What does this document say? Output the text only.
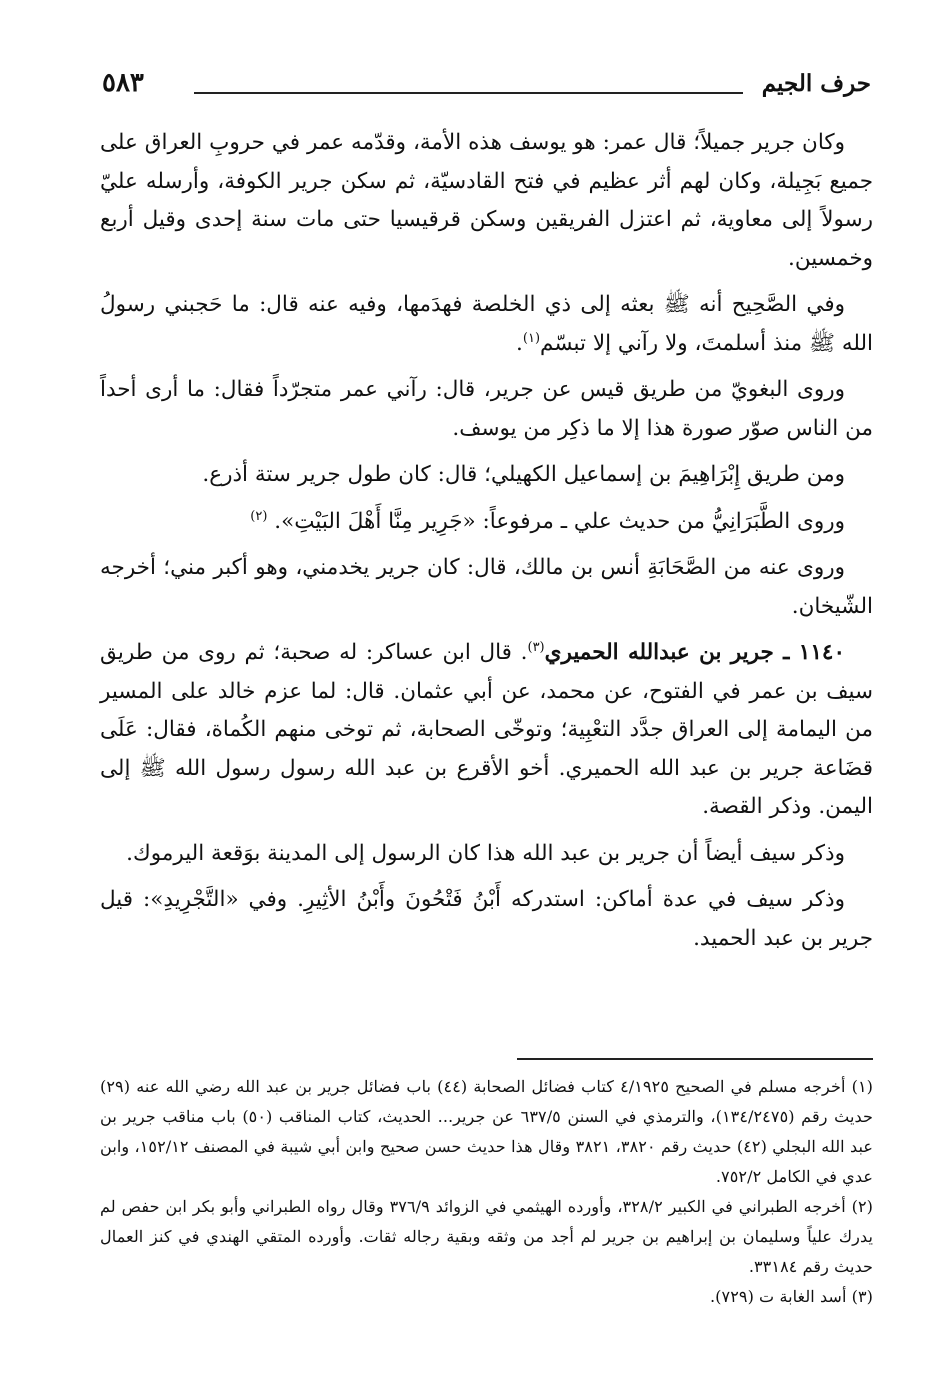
حرف الجيم
٥٨٣

وكان جرير جميلاً؛ قال عمر: هو يوسف هذه الأمة، وقدّمه عمر في حروبِ العراق على جميع بَجِيلة، وكان لهم أثر عظيم في فتح القادسيّة، ثم سكن جرير الكوفة، وأرسله عليّ رسولاً إلى معاوية، ثم اعتزل الفريقين وسكن قرقيسيا حتى مات سنة إحدى وقيل أربع وخمسين.

وفي الصَّحِيح أنه ﷺ بعثه إلى ذي الخلصة فهدَمها، وفيه عنه قال: ما حَجبني رسولُ الله ﷺ منذ أسلمتَ، ولا رآني إلا تبسّم$^{(١)}$.

وروى البغويّ من طريق قيس عن جرير، قال: رآني عمر متجرّداً فقال: ما أرى أحداً من الناس صوّر صورة هذا إلا ما ذكِر من يوسف.

ومن طريق إِبْرَاهِيمَ بن إسماعيل الكهيلي؛ قال: كان طول جرير ستة أذرع.

وروى الطَّبَرَانِيُّ من حديث علي ـ مرفوعاً: «جَرِير مِنَّا أَهْلَ البَيْتِ». $^{(٢)}$

وروى عنه من الصَّحَابَةِ أنس بن مالك، قال: كان جرير يخدمني، وهو أكبر مني؛ أخرجه الشّيخان.

١١٤٠ ـ جرير بن عبدالله الحميري$^{(٣)}$. قال ابن عساكر: له صحبة؛ ثم روى من طريق سيف بن عمر في الفتوح، عن محمد، عن أبي عثمان. قال: لما عزم خالد على المسير من اليمامة إلى العراق جدَّد التعْبِية؛ وتوخّى الصحابة، ثم توخى منهم الكُماة، فقال: عَلَى قضَاعة جرير بن عبد الله الحميري. أخو الأقرع بن عبد الله رسول رسول الله ﷺ إلى اليمن. وذكر القصة.

وذكر سيف أيضاً أن جرير بن عبد الله هذا كان الرسول إلى المدينة بوَقعة اليرموك.

وذكر سيف في عدة أماكن: استدركه أَبْنُ فَتْحُونَ وأَبْنُ الأثِيرِ. وفي «التَّجْرِيدِ»: قيل جرير بن عبد الحميد.

(١) أخرجه مسلم في الصحيح ٤/١٩٢٥ كتاب فضائل الصحابة (٤٤) باب فضائل جرير بن عبد الله رضي الله عنه (٢٩) حديث رقم (١٣٤/٢٤٧٥)، والترمذي في السنن ٦٣٧/٥ عن جرير... الحديث، كتاب المناقب (٥٠) باب مناقب جرير بن عبد الله البجلي (٤٢) حديث رقم ٣٨٢٠، ٣٨٢١ وقال هذا حديث حسن صحيح وابن أبي شيبة في المصنف ١٥٢/١٢، وابن عدي في الكامل ٧٥٢/٢.

(٢) أخرجه الطبراني في الكبير ٣٢٨/٢، وأورده الهيثمي في الزوائد ٣٧٦/٩ وقال رواه الطبراني وأبو بكر ابن حفص لم يدرك علياً وسليمان بن إبراهيم بن جرير لم أجد من وثقه وبقية رجاله ثقات. وأورده المتقي الهندي في كنز العمال حديث رقم ٣٣١٨٤.

(٣) أسد الغابة ت (٧٢٩).
